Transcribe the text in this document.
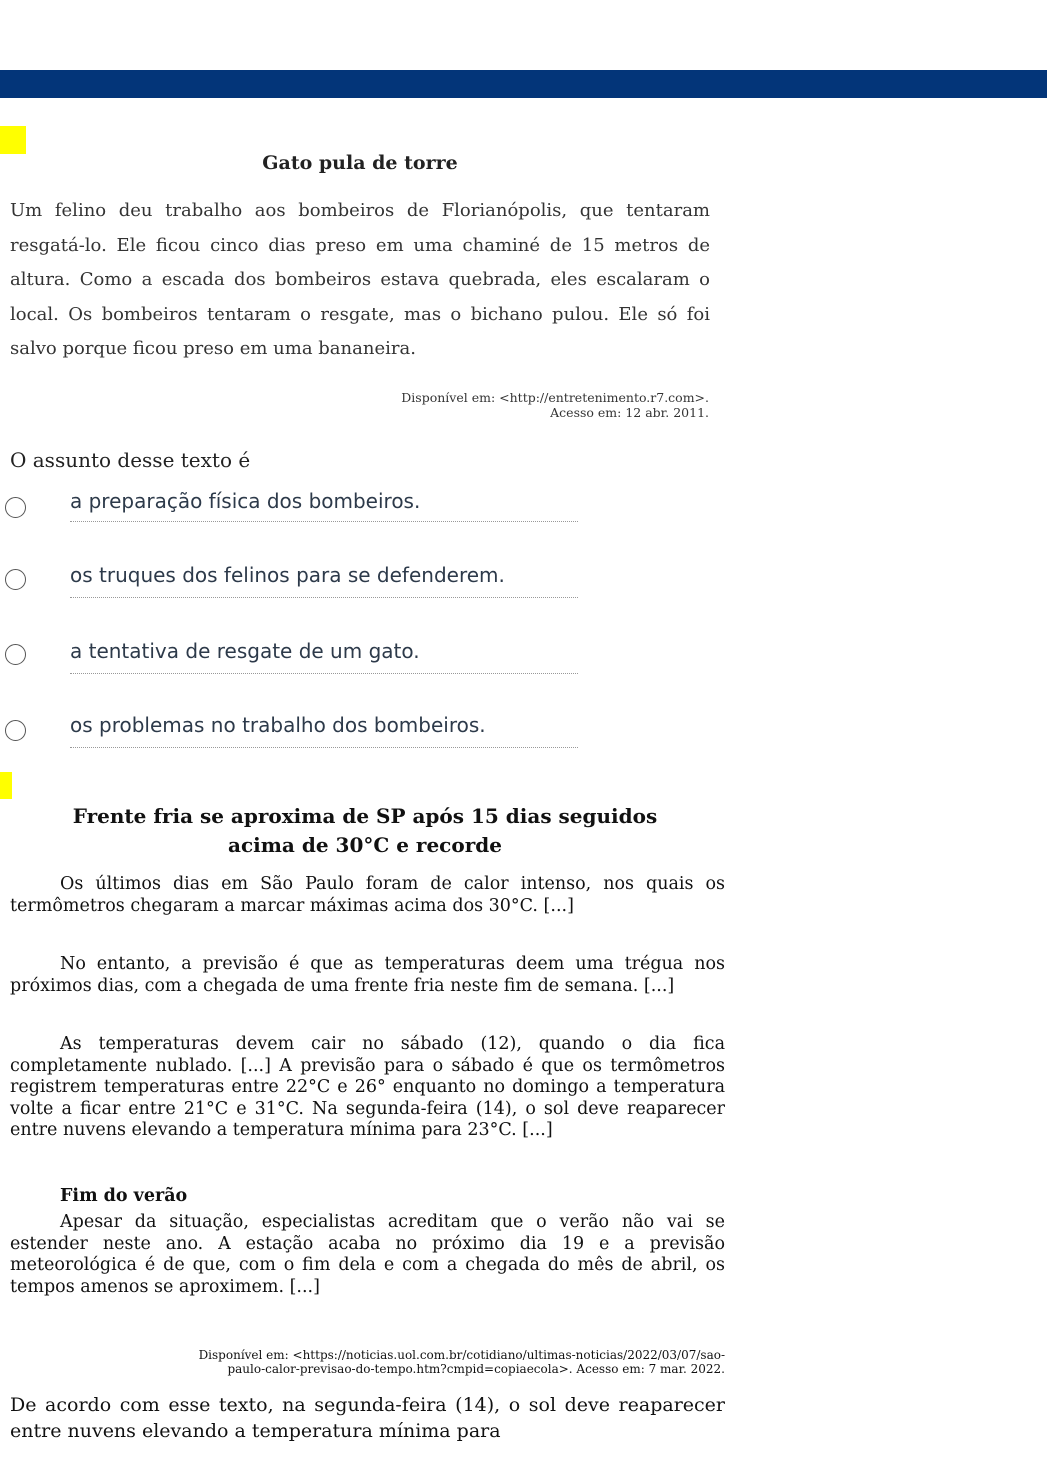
Gato pula de torre
Um felino deu trabalho aos bombeiros de Florianópolis, que tentaram resgatá-lo. Ele ficou cinco dias preso em uma chaminé de 15 metros de altura. Como a escada dos bombeiros estava quebrada, eles escalaram o local. Os bombeiros tentaram o resgate, mas o bichano pulou. Ele só foi salvo porque ficou preso em uma bananeira.
Disponível em: <http://entretenimento.r7.com>.
Acesso em: 12 abr. 2011.
O assunto desse texto é
a preparação física dos bombeiros.
os truques dos felinos para se defenderem.
a tentativa de resgate de um gato.
os problemas no trabalho dos bombeiros.
Frente fria se aproxima de SP após 15 dias seguidos
acima de 30°C e recorde
Os últimos dias em São Paulo foram de calor intenso, nos quais os termômetros chegaram a marcar máximas acima dos 30°C. [...]
No entanto, a previsão é que as temperaturas deem uma trégua nos próximos dias, com a chegada de uma frente fria neste fim de semana. [...]
As temperaturas devem cair no sábado (12), quando o dia fica completamente nublado. [...] A previsão para o sábado é que os termômetros registrem temperaturas entre 22°C e 26° enquanto no domingo a temperatura volte a ficar entre 21°C e 31°C. Na segunda-feira (14), o sol deve reaparecer entre nuvens elevando a temperatura mínima para 23°C. [...]
Fim do verão
Apesar da situação, especialistas acreditam que o verão não vai se estender neste ano. A estação acaba no próximo dia 19 e a previsão meteorológica é de que, com o fim dela e com a chegada do mês de abril, os tempos amenos se aproximem. [...]
Disponível em: <https://noticias.uol.com.br/cotidiano/ultimas-noticias/2022/03/07/sao-
paulo-calor-previsao-do-tempo.htm?cmpid=copiaecola>. Acesso em: 7 mar. 2022.
De acordo com esse texto, na segunda-feira (14), o sol deve reaparecer entre nuvens elevando a temperatura mínima para
